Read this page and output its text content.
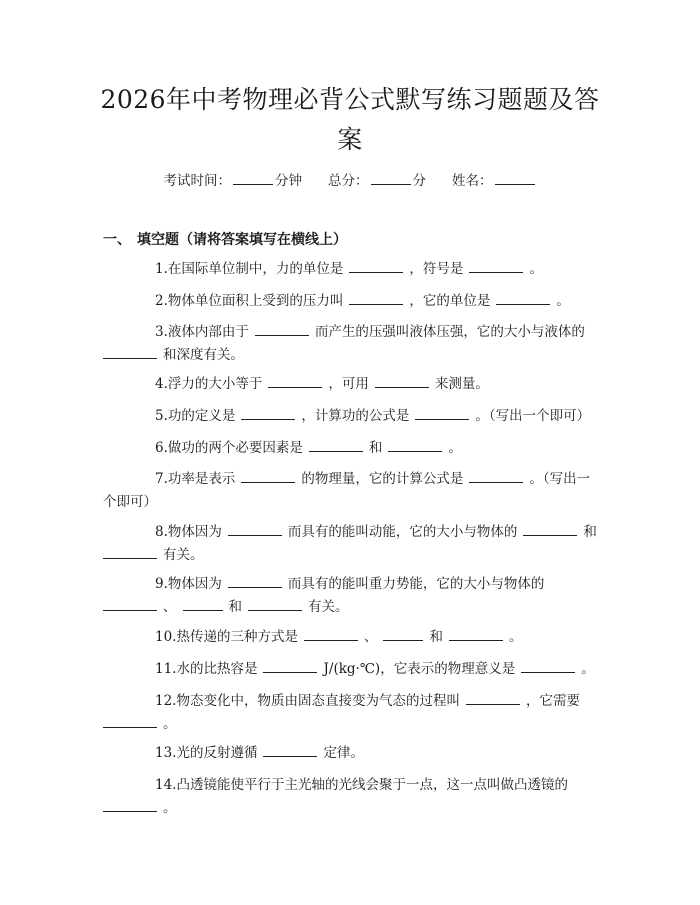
2026年中考物理必背公式默写练习题题及答案
考试时间：	分钟 总分：	分 姓名：
一、 填空题（请将答案填写在横线上）
1.在国际单位制中，力的单位是	，符号是	。
2.物体单位面积上受到的压力叫	，它的单位是	。
3.液体内部由于	而产生的压强叫液体压强，它的大小与液体的和深度有关。
4.浮力的大小等于	，可用	来测量。
5.功的定义是	，计算功的公式是	。（写出一个即可）
6.做功的两个必要因素是	和	。
7.功率是表示	的物理量，它的计算公式是	。（写出一个即可）
8.物体因为	而具有的能叫动能，它的大小与物体的	和有关。
9.物体因为	而具有的能叫重力势能，它的大小与物体的、	和	有关。
10.热传递的三种方式是	、	和	。
11.水的比热容是	J/(kg·℃)，它表示的物理意义是	。
12.物态变化中，物质由固态直接变为气态的过程叫	，它需要。
13.光的反射遵循	定律。
14.凸透镜能使平行于主光轴的光线会聚于一点，这一点叫做凸透镜的。
